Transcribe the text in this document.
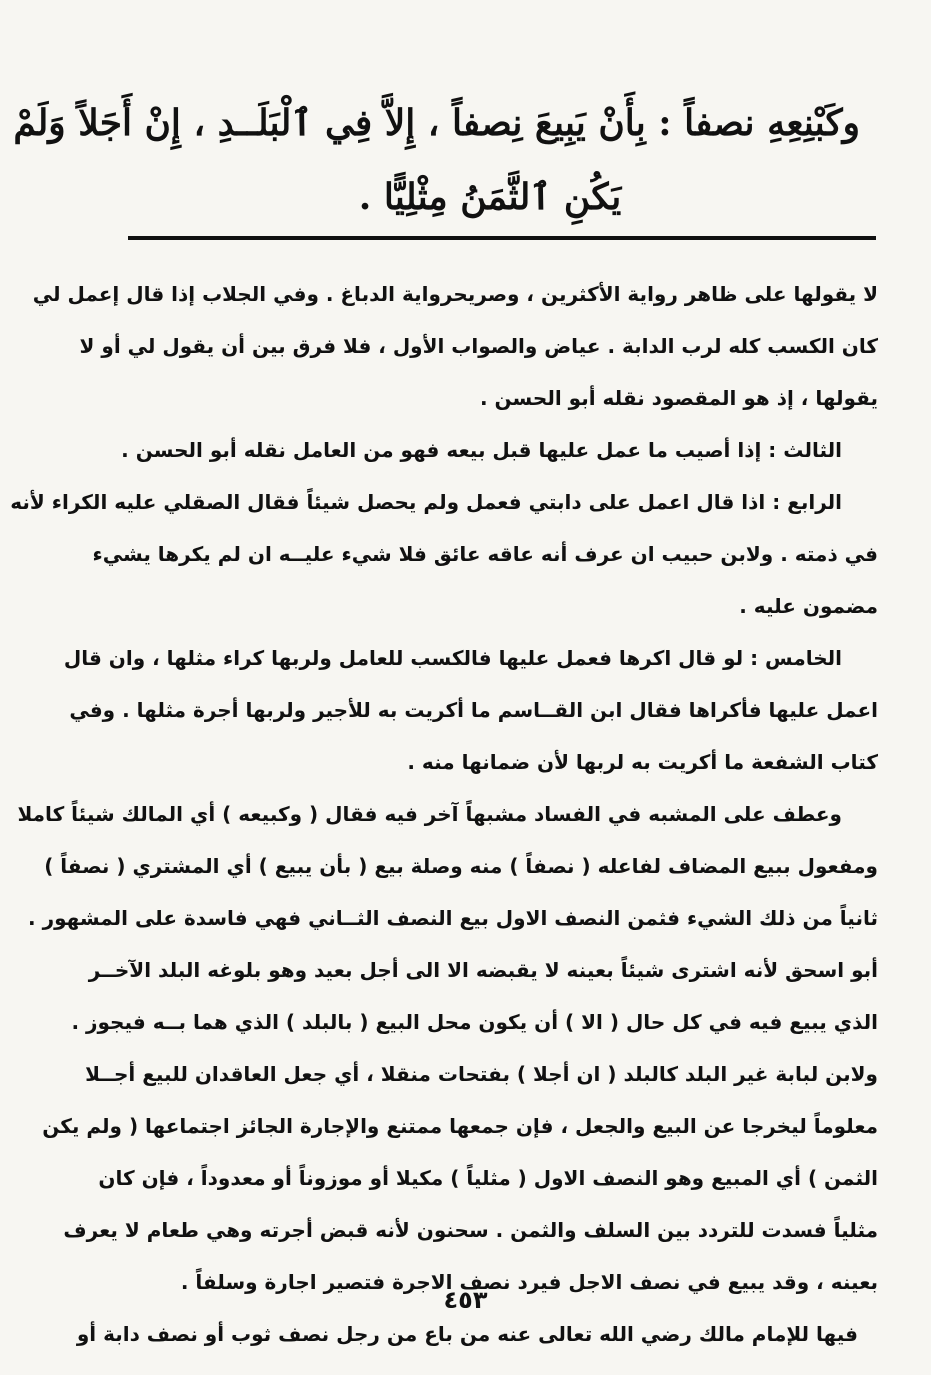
وكَبْنِعِهِ نصفاً : بِأَنْ يَبِيعَ نِصفاً ، إِلاَّ فِي ٱلْبَلَــدِ ، إِنْ أَجَلاً وَلَمْ
يَكُنِ ٱلثَّمَنُ مِثْلِيًّا .
لا يقولها على ظاهر رواية الأكثرين ، وصريحرواية الدباغ . وفي الجلاب إذا قال إعمل لي
كان الكسب كله لرب الدابة . عياض والصواب الأول ، فلا فرق بين أن يقول لي أو لا
يقولها ، إذ هو المقصود نقله أبو الحسن .
الثالث : إذا أصيب ما عمل عليها قبل بيعه فهو من العامل نقله أبو الحسن .
الرابع : اذا قال اعمل على دابتي فعمل ولم يحصل شيئاً فقال الصقلي عليه الكراء لأنه
في ذمته . ولابن حبيب ان عرف أنه عاقه عائق فلا شيء عليــه ان لم يكرها يشيء
مضمون عليه .
الخامس : لو قال اكرها فعمل عليها فالكسب للعامل ولربها كراء مثلها ، وان قال
اعمل عليها فأكراها فقال ابن القــاسم ما أكريت به للأجير ولربها أجرة مثلها . وفي
كتاب الشفعة ما أكريت به لربها لأن ضمانها منه .
وعطف على المشبه في الفساد مشبهاً آخر فيه فقال ( وكبيعه ) أي المالك شيئاً كاملا
ومفعول ببيع المضاف لفاعله ( نصفاً ) منه وصلة بيع ( بأن يبيع ) أي المشتري ( نصفاً )
ثانياً من ذلك الشيء فثمن النصف الاول بيع النصف الثــاني فهي فاسدة على المشهور .
أبو اسحق لأنه اشترى شيئاً بعينه لا يقبضه الا الى أجل بعيد وهو بلوغه البلد الآخــر
الذي يبيع فيه في كل حال ( الا ) أن يكون محل البيع ( بالبلد ) الذي هما بــه فيجوز .
ولابن لبابة غير البلد كالبلد ( ان أجلا ) بفتحات منقلا ، أي جعل العاقدان للبيع أجــلا
معلوماً ليخرجا عن البيع والجعل ، فإن جمعها ممتنع والإجارة الجائز اجتماعها ( ولم يكن
الثمن ) أي المبيع وهو النصف الاول ( مثلياً ) مكيلا أو موزوناً أو معدوداً ، فإن كان
مثلياً فسدت للتردد بين السلف والثمن . سحنون لأنه قبض أجرته وهي طعام لا يعرف
بعينه ، وقد يبيع في نصف الاجل فيرد نصف الاجرة فتصير اجارة وسلفاً .
فيها للإمام مالك رضي الله تعالى عنه من باع من رجل نصف ثوب أو نصف دابة أو
٤٥٣
